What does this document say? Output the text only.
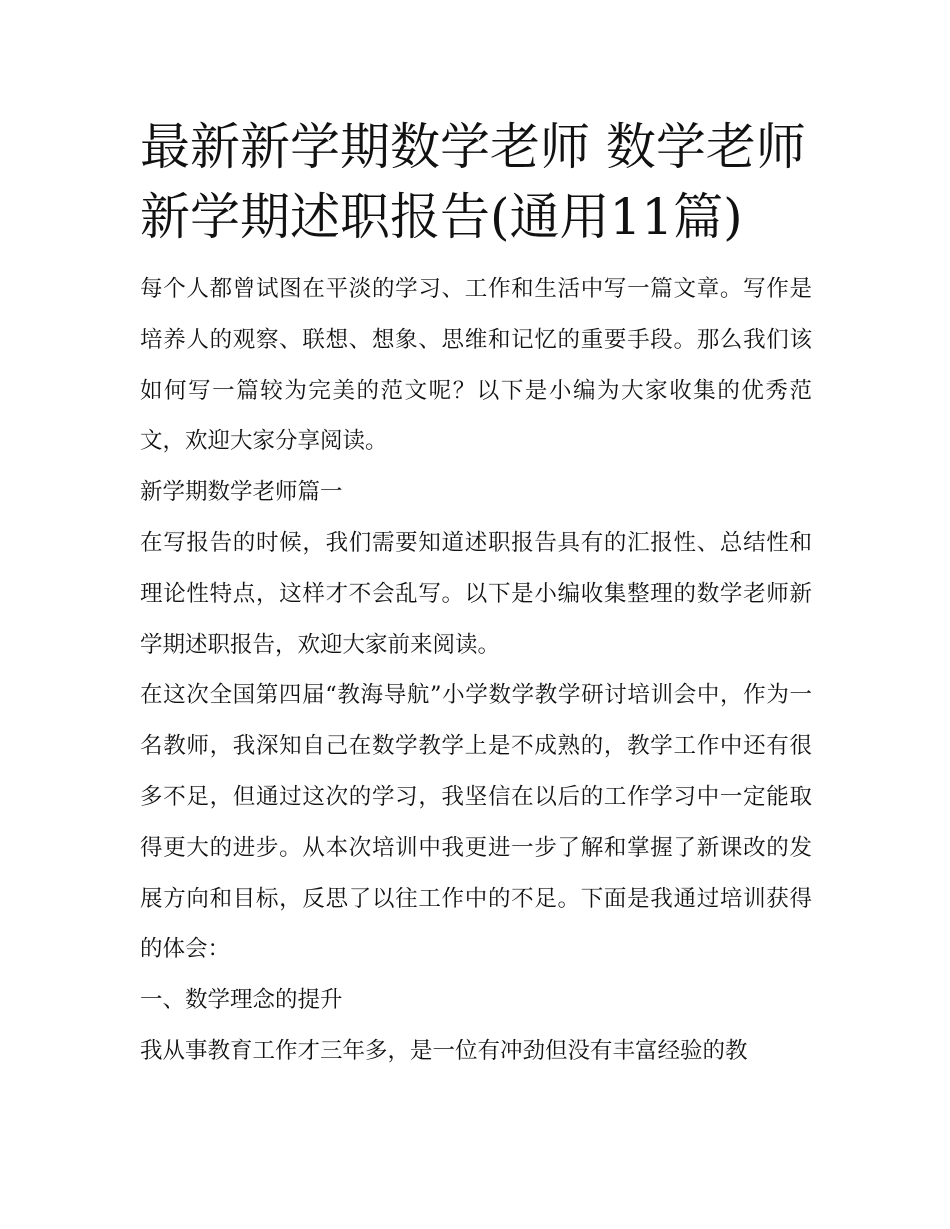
最新新学期数学老师 数学老师新学期述职报告(通用11篇)

每个人都曾试图在平淡的学习、工作和生活中写一篇文章。写作是培养人的观察、联想、想象、思维和记忆的重要手段。那么我们该如何写一篇较为完美的范文呢？以下是小编为大家收集的优秀范文，欢迎大家分享阅读。

新学期数学老师篇一

在写报告的时候，我们需要知道述职报告具有的汇报性、总结性和理论性特点，这样才不会乱写。以下是小编收集整理的数学老师新学期述职报告，欢迎大家前来阅读。

在这次全国第四届“教海导航”小学数学教学研讨培训会中，作为一名教师，我深知自己在数学教学上是不成熟的，教学工作中还有很多不足，但通过这次的学习，我坚信在以后的工作学习中一定能取得更大的进步。从本次培训中我更进一步了解和掌握了新课改的发展方向和目标，反思了以往工作中的不足。下面是我通过培训获得的体会：

一、数学理念的提升

我从事教育工作才三年多，是一位有冲劲但没有丰富经验的教
